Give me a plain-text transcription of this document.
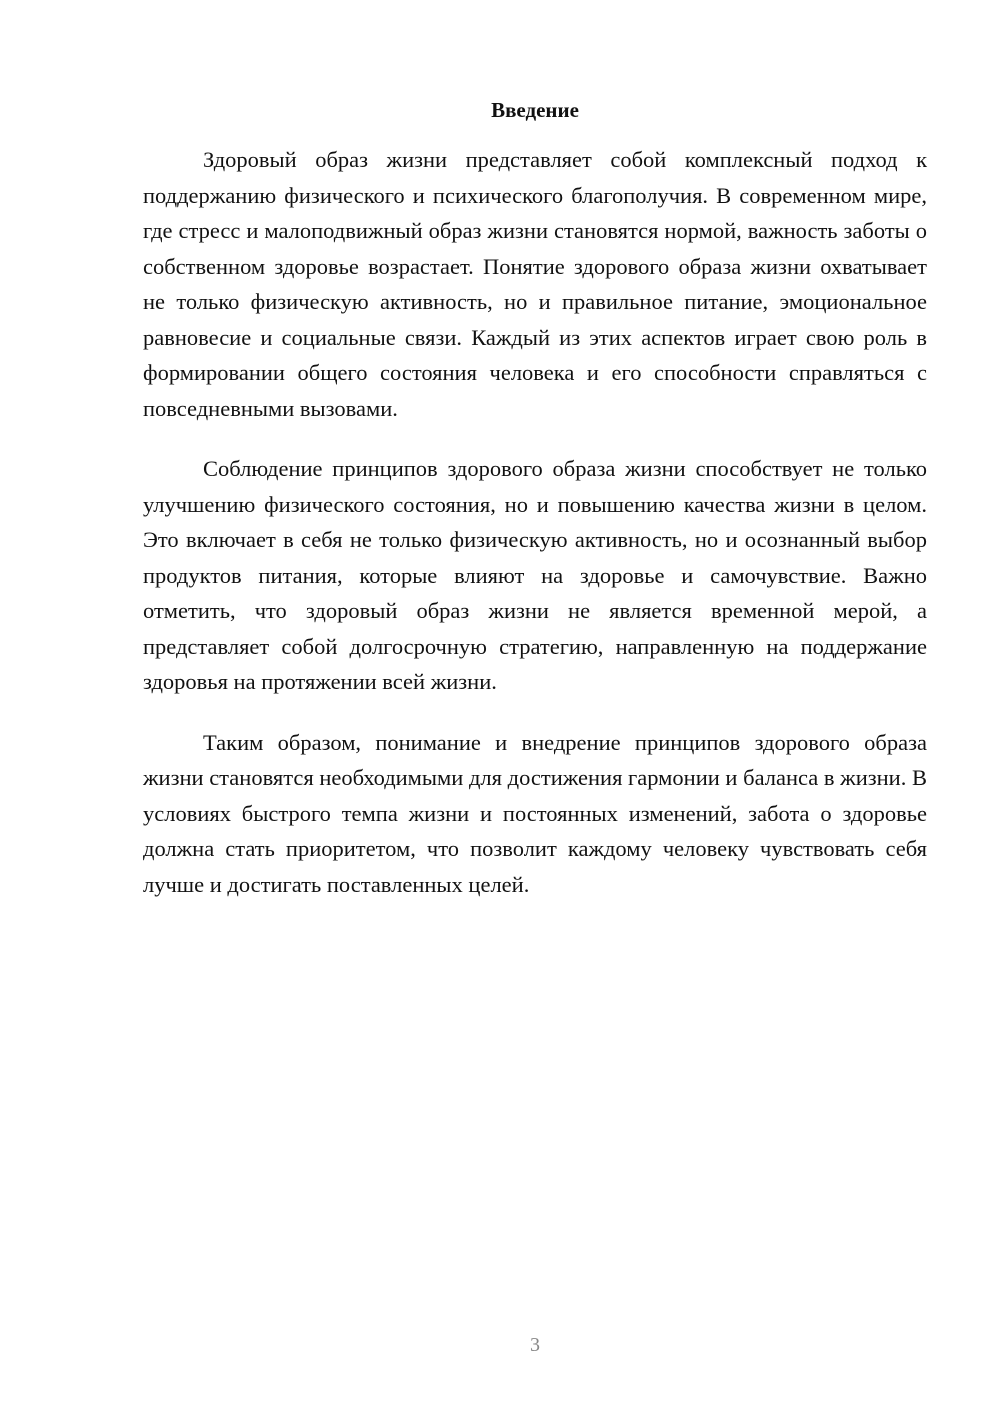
Введение

Здоровый образ жизни представляет собой комплексный подход к поддержанию физического и психического благополучия. В современном мире, где стресс и малоподвижный образ жизни становятся нормой, важность заботы о собственном здоровье возрастает. Понятие здорового образа жизни охватывает не только физическую активность, но и правильное питание, эмоциональное равновесие и социальные связи. Каждый из этих аспектов играет свою роль в формировании общего состояния человека и его способности справляться с повседневными вызовами.

Соблюдение принципов здорового образа жизни способствует не только улучшению физического состояния, но и повышению качества жизни в целом. Это включает в себя не только физическую активность, но и осознанный выбор продуктов питания, которые влияют на здоровье и самочувствие. Важно отметить, что здоровый образ жизни не является временной мерой, а представляет собой долгосрочную стратегию, направленную на поддержание здоровья на протяжении всей жизни.

Таким образом, понимание и внедрение принципов здорового образа жизни становятся необходимыми для достижения гармонии и баланса в жизни. В условиях быстрого темпа жизни и постоянных изменений, забота о здоровье должна стать приоритетом, что позволит каждому человеку чувствовать себя лучше и достигать поставленных целей.

3
